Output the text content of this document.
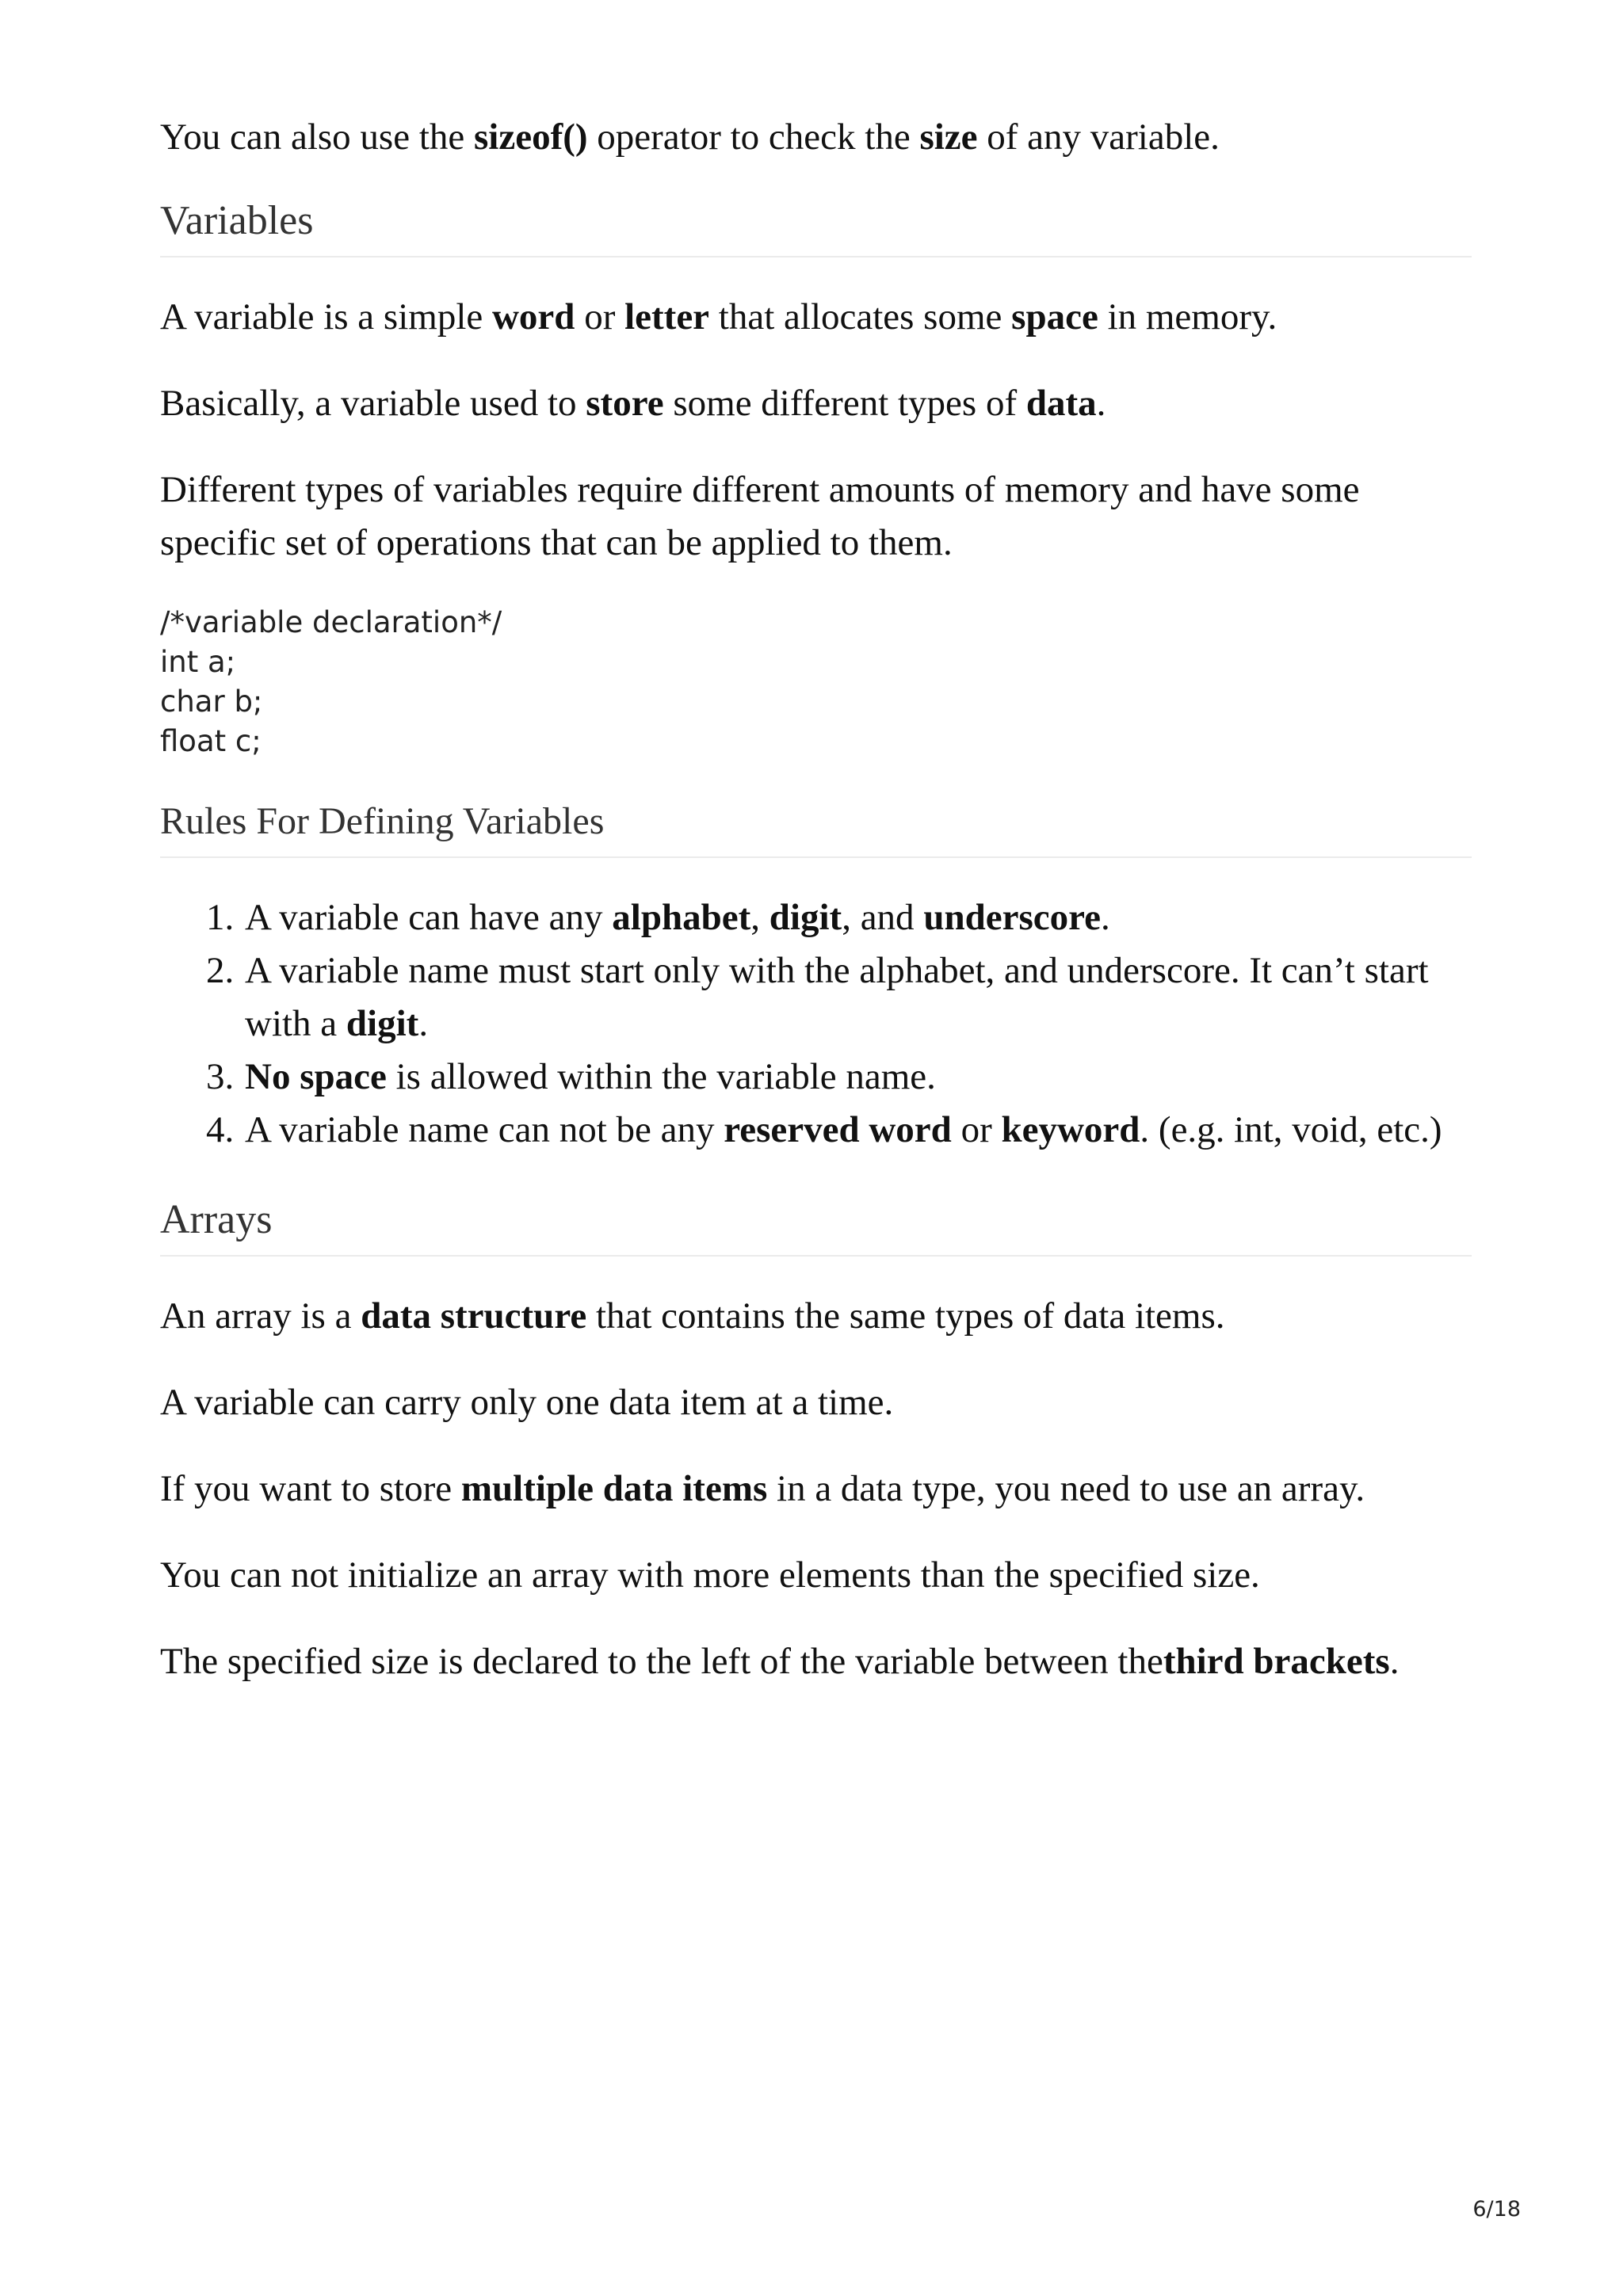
You can also use the sizeof() operator to check the size of any variable.

Variables

A variable is a simple word or letter that allocates some space in memory.

Basically, a variable used to store some different types of data.

Different types of variables require different amounts of memory and have some specific set of operations that can be applied to them.

/*variable declaration*/
int a;
char b;
float c;
Rules For Defining Variables
1. A variable can have any alphabet, digit, and underscore.
2. A variable name must start only with the alphabet, and underscore. It can’t start with a digit.
3. No space is allowed within the variable name.
4. A variable name can not be any reserved word or keyword. (e.g. int, void, etc.)
Arrays

An array is a data structure that contains the same types of data items.

A variable can carry only one data item at a time.

If you want to store multiple data items in a data type, you need to use an array.

You can not initialize an array with more elements than the specified size.

The specified size is declared to the left of the variable between thethird brackets.

6/18
